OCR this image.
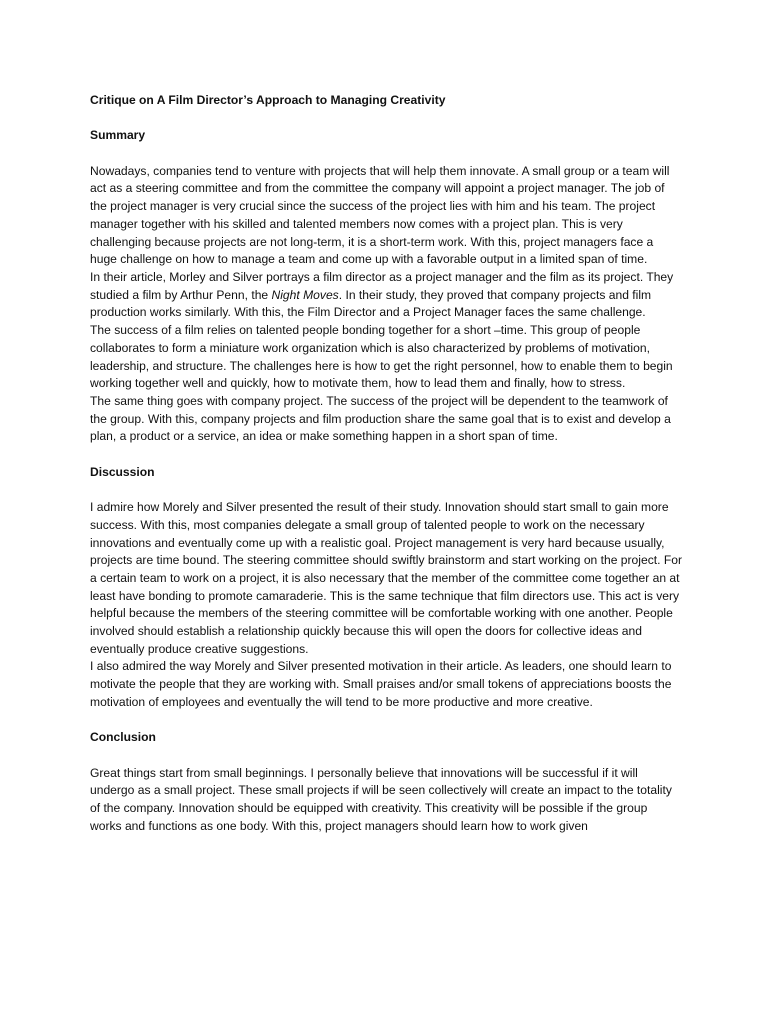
Critique on A Film Director’s Approach to Managing Creativity
Summary

Nowadays, companies tend to venture with projects that will help them innovate. A small group or a team will act as a steering committee and from the committee the company will appoint a project manager. The job of the project manager is very crucial since the success of the project lies with him and his team. The project manager together with his skilled and talented members now comes with a project plan. This is very challenging because projects are not long-term, it is a short-term work. With this, project managers face a huge challenge on how to manage a team and come up with a favorable output in a limited span of time.

In their article, Morley and Silver portrays a film director as a project manager and the film as its project. They studied a film by Arthur Penn, the Night Moves. In their study, they proved that company projects and film production works similarly. With this, the Film Director and a Project Manager faces the same challenge.

The success of a film relies on talented people bonding together for a short –time. This group of people collaborates to form a miniature work organization which is also characterized by problems of motivation, leadership, and structure. The challenges here is how to get the right personnel, how to enable them to begin working together well and quickly, how to motivate them, how to lead them and finally, how to stress.

The same thing goes with company project. The success of the project will be dependent to the teamwork of the group. With this, company projects and film production share the same goal that is to exist and develop a plan, a product or a service, an idea or make something happen in a short span of time.

Discussion

I admire how Morely and Silver presented the result of their study. Innovation should start small to gain more success. With this, most companies delegate a small group of talented people to work on the necessary innovations and eventually come up with a realistic goal. Project management is very hard because usually, projects are time bound. The steering committee should swiftly brainstorm and start working on the project. For a certain team to work on a project, it is also necessary that the member of the committee come together an at least have bonding to promote camaraderie. This is the same technique that film directors use. This act is very helpful because the members of the steering committee will be comfortable working with one another. People involved should establish a relationship quickly because this will open the doors for collective ideas and eventually produce creative suggestions.

I also admired the way Morely and Silver presented motivation in their article. As leaders, one should learn to motivate the people that they are working with. Small praises and/or small tokens of appreciations boosts the motivation of employees and eventually the will tend to be more productive and more creative.

Conclusion

Great things start from small beginnings. I personally believe that innovations will be successful if it will undergo as a small project. These small projects if will be seen collectively will create an impact to the totality of the company. Innovation should be equipped with creativity. This creativity will be possible if the group works and functions as one body. With this, project managers should learn how to work given
